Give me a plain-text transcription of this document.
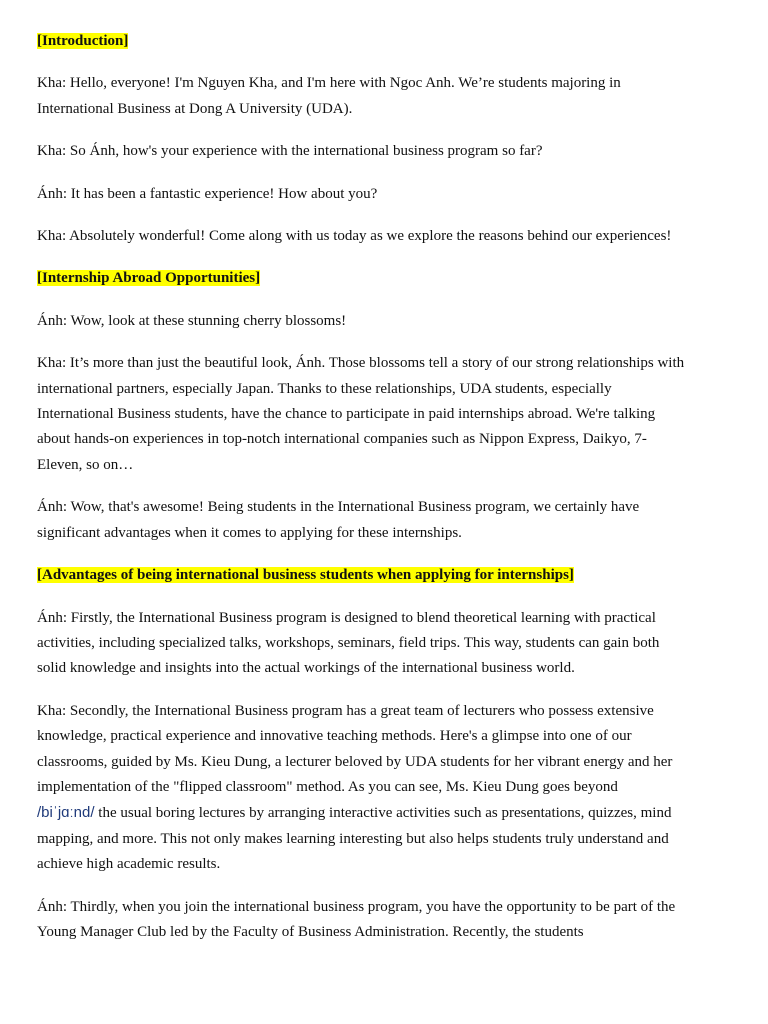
[Introduction]

Kha: Hello, everyone! I'm Nguyen Kha, and I'm here with Ngoc Anh. We’re students majoring in International Business at Dong A University (UDA).

Kha: So Ánh, how's your experience with the international business program so far?

Ánh: It has been a fantastic experience! How about you?

Kha: Absolutely wonderful! Come along with us today as we explore the reasons behind our experiences!

[Internship Abroad Opportunities]

Ánh: Wow, look at these stunning cherry blossoms!

Kha: It’s more than just the beautiful look, Ánh. Those blossoms tell a story of our strong relationships with international partners, especially Japan. Thanks to these relationships, UDA students, especially International Business students, have the chance to participate in paid internships abroad. We're talking about hands-on experiences in top-notch international companies such as Nippon Express, Daikyo, 7-Eleven, so on…

Ánh: Wow, that's awesome! Being students in the International Business program, we certainly have significant advantages when it comes to applying for these internships.

[Advantages of being international business students when applying for internships]

Ánh: Firstly, the International Business program is designed to blend theoretical learning with practical activities, including specialized talks, workshops, seminars, field trips. This way, students can gain both solid knowledge and insights into the actual workings of the international business world.

Kha: Secondly, the International Business program has a great team of lecturers who possess extensive knowledge, practical experience and innovative teaching methods. Here's a glimpse into one of our classrooms, guided by Ms. Kieu Dung, a lecturer beloved by UDA students for her vibrant energy and her implementation of the "flipped classroom" method. As you can see, Ms. Kieu Dung goes beyond
/biˈjɑːnd/ the usual boring lectures by arranging interactive activities such as presentations, quizzes, mind mapping, and more. This not only makes learning interesting but also helps students truly understand and achieve high academic results.

Ánh: Thirdly, when you join the international business program, you have the opportunity to be part of the Young Manager Club led by the Faculty of Business Administration. Recently, the students
